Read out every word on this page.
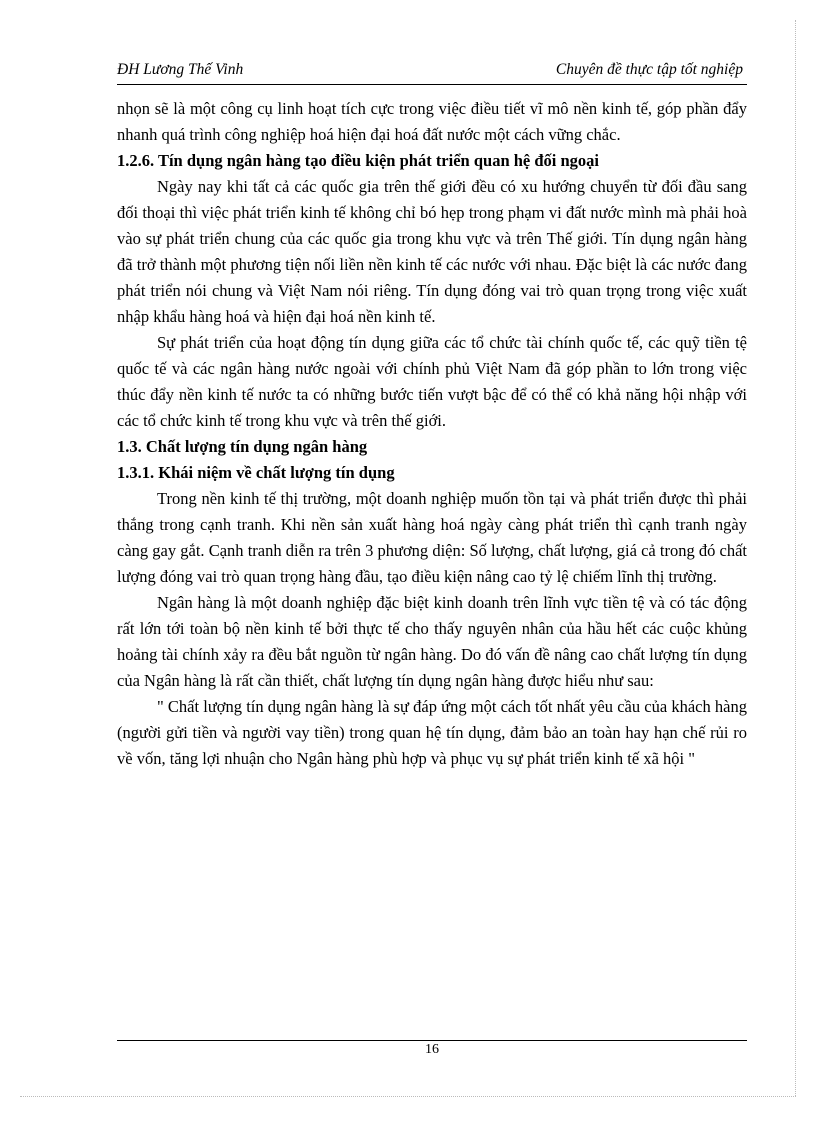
ĐH Lương Thế Vinh	Chuyên đề thực tập tốt nghiệp

nhọn sẽ là một công cụ linh hoạt tích cực trong việc điều tiết vĩ mô nền kinh tế, góp phần đẩy nhanh quá trình công nghiệp hoá hiện đại hoá đất nước một cách vững chắc.

1.2.6. Tín dụng ngân hàng tạo điều kiện phát triển quan hệ đối ngoại

Ngày nay khi tất cả các quốc gia trên thế giới đều có xu hướng chuyển từ đối đầu sang đối thoại thì việc phát triển kinh tế không chỉ bó hẹp trong phạm vi đất nước mình mà phải hoà vào sự phát triển chung của các quốc gia trong khu vực và trên Thế giới. Tín dụng ngân hàng đã trở thành một phương tiện nối liền nền kinh tế các nước với nhau. Đặc biệt là các nước đang phát triển nói chung và Việt Nam nói riêng. Tín dụng đóng vai trò quan trọng trong việc xuất nhập khẩu hàng hoá và hiện đại hoá nền kinh tế.

Sự phát triển của hoạt động tín dụng giữa các tổ chức tài chính quốc tế, các quỹ tiền tệ quốc tế và các ngân hàng nước ngoài với chính phủ Việt Nam đã góp phần to lớn trong việc thúc đẩy nền kinh tế nước ta có những bước tiến vượt bậc để có thể có khả năng hội nhập với các tổ chức kinh tế trong khu vực và trên thế giới.

1.3. Chất lượng tín dụng ngân hàng
1.3.1. Khái niệm về chất lượng tín dụng

Trong nền kinh tế thị trường, một doanh nghiệp muốn tồn tại và phát triển được thì phải thắng trong cạnh tranh. Khi nền sản xuất hàng hoá ngày càng phát triển thì cạnh tranh ngày càng gay gắt. Cạnh tranh diễn ra trên 3 phương diện: Số lượng, chất lượng, giá cả trong đó chất lượng đóng vai trò quan trọng hàng đầu, tạo điều kiện nâng cao tỷ lệ chiếm lĩnh thị trường.

Ngân hàng là một doanh nghiệp đặc biệt kinh doanh trên lĩnh vực tiền tệ và có tác động rất lớn tới toàn bộ nền kinh tế bởi thực tế cho thấy nguyên nhân của hầu hết các cuộc khủng hoảng tài chính xảy ra đều bắt nguồn từ ngân hàng. Do đó vấn đề nâng cao chất lượng tín dụng của Ngân hàng là rất cần thiết, chất lượng tín dụng ngân hàng được hiểu như sau:

" Chất lượng tín dụng ngân hàng là sự đáp ứng một cách tốt nhất yêu cầu của khách hàng (người gửi tiền và người vay tiền) trong quan hệ tín dụng, đảm bảo an toàn hay hạn chế rủi ro về vốn, tăng lợi nhuận cho Ngân hàng phù hợp và phục vụ sự phát triển kinh tế xã hội "

16
